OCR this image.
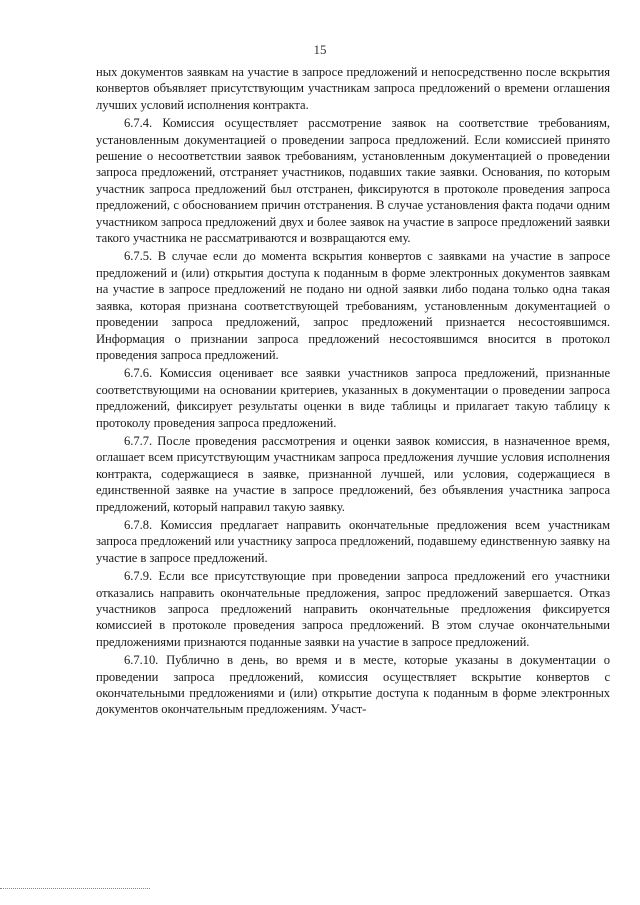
15

ных документов заявкам на участие в запросе предложений и непосредственно после вскрытия конвертов объявляет присутствующим участникам запроса предложений о времени оглашения лучших условий исполнения контракта.

6.7.4. Комиссия осуществляет рассмотрение заявок на соответствие требованиям, установленным документацией о проведении запроса предложений. Если комиссией принято решение о несоответствии заявок требованиям, установленным документацией о проведении запроса предложений, отстраняет участников, подавших такие заявки. Основания, по которым участник запроса предложений был отстранен, фиксируются в протоколе проведения запроса предложений, с обоснованием причин отстранения. В случае установления факта подачи одним участником запроса предложений двух и более заявок на участие в запросе предложений заявки такого участника не рассматриваются и возвращаются ему.

6.7.5. В случае если до момента вскрытия конвертов с заявками на участие в запросе предложений и (или) открытия доступа к поданным в форме электронных документов заявкам на участие в запросе предложений не подано ни одной заявки либо подана только одна такая заявка, которая признана соответствующей требованиям, установленным документацией о проведении запроса предложений, запрос предложений признается несостоявшимся. Информация о признании запроса предложений несостоявшимся вносится в протокол проведения запроса предложений.

6.7.6. Комиссия оценивает все заявки участников запроса предложений, признанные соответствующими на основании критериев, указанных в документации о проведении запроса предложений, фиксирует результаты оценки в виде таблицы и прилагает такую таблицу к протоколу проведения запроса предложений.

6.7.7. После проведения рассмотрения и оценки заявок комиссия, в назначенное время, оглашает всем присутствующим участникам запроса предложения лучшие условия исполнения контракта, содержащиеся в заявке, признанной лучшей, или условия, содержащиеся в единственной заявке на участие в запросе предложений, без объявления участника запроса предложений, который направил такую заявку.

6.7.8. Комиссия предлагает направить окончательные предложения всем участникам запроса предложений или участнику запроса предложений, подавшему единственную заявку на участие в запросе предложений.

6.7.9. Если все присутствующие при проведении запроса предложений его участники отказались направить окончательные предложения, запрос предложений завершается. Отказ участников запроса предложений направить окончательные предложения фиксируется комиссией в протоколе проведения запроса предложений. В этом случае окончательными предложениями признаются поданные заявки на участие в запросе предложений.

6.7.10. Публично в день, во время и в месте, которые указаны в документации о проведении запроса предложений, комиссия осуществляет вскрытие конвертов с окончательными предложениями и (или) открытие доступа к поданным в форме электронных документов окончательным предложениям. Участ-
